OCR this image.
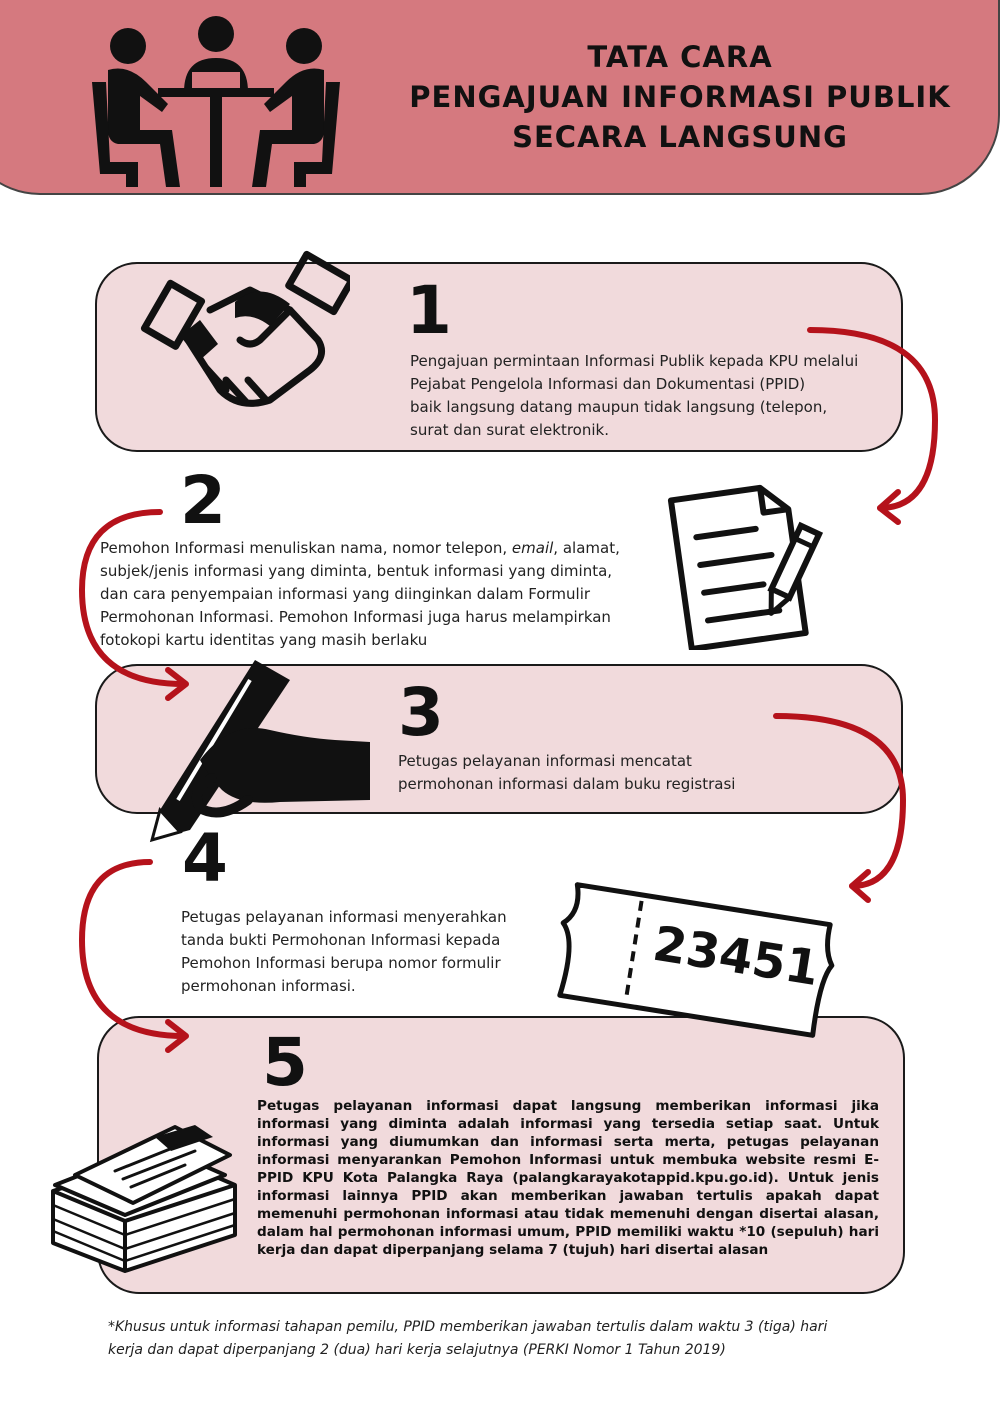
TATA CARA
PENGAJUAN INFORMASI PUBLIK
SECARA LANGSUNG
1
Pengajuan permintaan Informasi Publik kepada KPU melalui
Pejabat Pengelola Informasi dan Dokumentasi (PPID)
baik langsung datang maupun tidak langsung (telepon,
surat dan surat elektronik.
2
Pemohon Informasi menuliskan nama, nomor telepon, email, alamat,
subjek/jenis informasi yang diminta, bentuk informasi yang diminta,
dan cara penyempaian informasi yang diinginkan dalam Formulir
Permohonan Informasi. Pemohon Informasi juga harus melampirkan
fotokopi kartu identitas yang masih berlaku
3
Petugas pelayanan informasi mencatat
permohonan informasi dalam buku registrasi
4
Petugas pelayanan informasi menyerahkan
tanda bukti Permohonan Informasi kepada
Pemohon Informasi berupa nomor formulir
permohonan informasi.	23451
5
Petugas pelayanan informasi dapat langsung memberikan informasi jika informasi yang diminta adalah informasi yang tersedia setiap saat. Untuk informasi yang diumumkan dan informasi serta merta, petugas pelayanan informasi menyarankan Pemohon Informasi untuk membuka website resmi E-PPID KPU Kota Palangka Raya (palangkarayakotappid.kpu.go.id). Untuk jenis informasi lainnya PPID akan memberikan jawaban tertulis apakah dapat memenuhi permohonan informasi atau tidak memenuhi dengan disertai alasan, dalam hal permohonan informasi umum, PPID memiliki waktu *10 (sepuluh) hari kerja dan dapat diperpanjang selama 7 (tujuh) hari disertai alasan
*Khusus untuk informasi tahapan pemilu, PPID memberikan jawaban tertulis dalam waktu 3 (tiga) hari
kerja dan dapat diperpanjang 2 (dua) hari kerja selajutnya (PERKI Nomor 1 Tahun 2019)
